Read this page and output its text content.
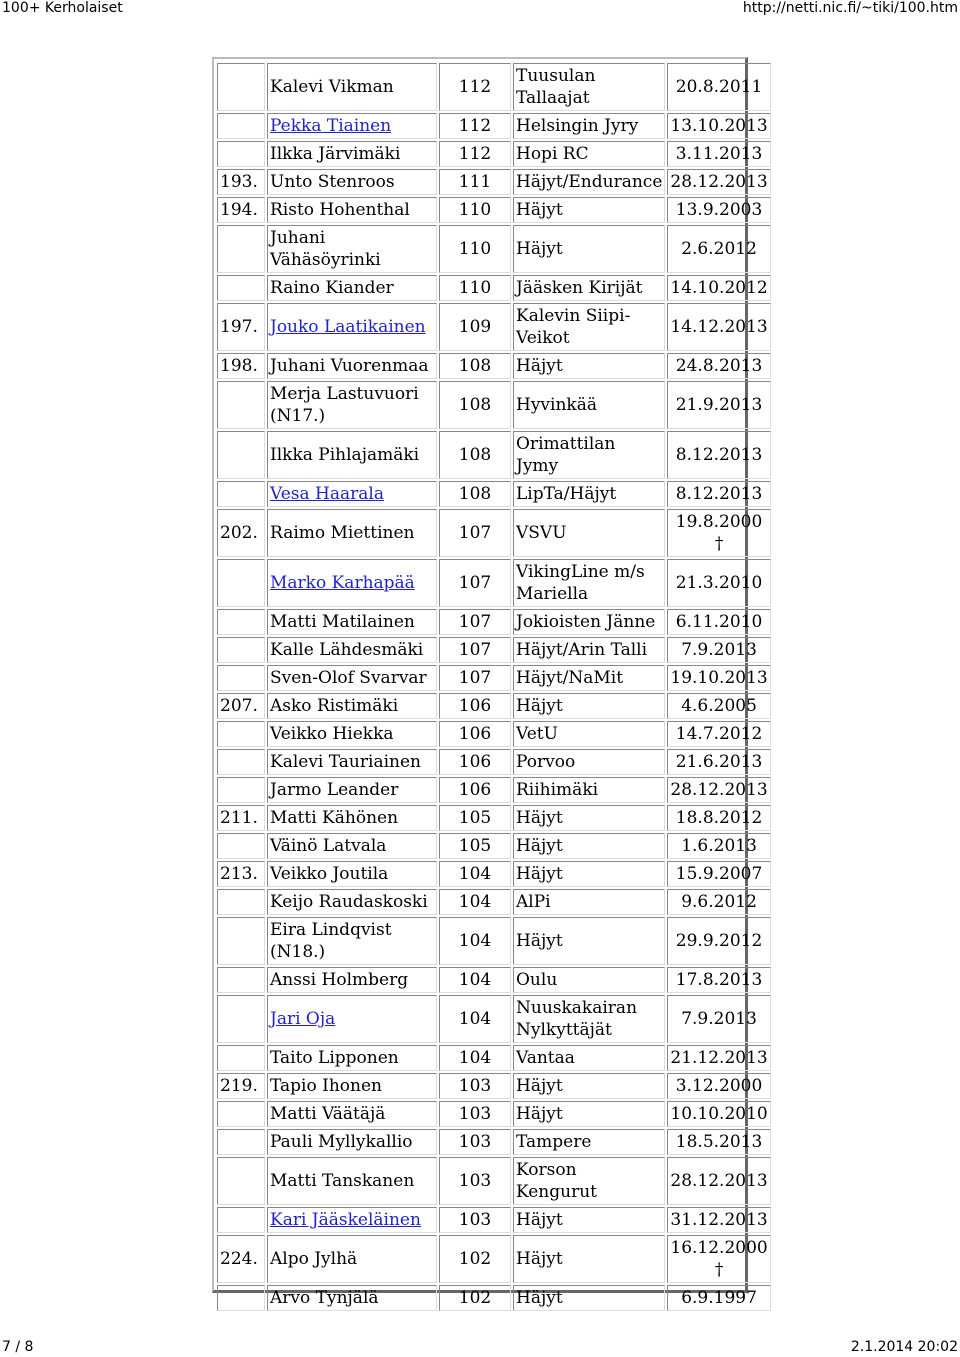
100+ Kerholaiset	http://netti.nic.fi/~tiki/100.htm
	Kalevi Vikman	112	Tuusulan Tallaajat	20.8.2011
	Pekka Tiainen	112	Helsingin Jyry	13.10.2013
	Ilkka Järvimäki	112	Hopi RC	3.11.2013
193.	Unto Stenroos	111	Häjyt/Endurance	28.12.2013
194.	Risto Hohenthal	110	Häjyt	13.9.2003
	Juhani Vähäsöyrinki	110	Häjyt	2.6.2012
	Raino Kiander	110	Jääsken Kirijät	14.10.2012
197.	Jouko Laatikainen	109	Kalevin Siipi-Veikot	14.12.2013
198.	Juhani Vuorenmaa	108	Häjyt	24.8.2013
	Merja Lastuvuori (N17.)	108	Hyvinkää	21.9.2013
	Ilkka Pihlajamäki	108	Orimattilan Jymy	8.12.2013
	Vesa Haarala	108	LipTa/Häjyt	8.12.2013
202.	Raimo Miettinen	107	VSVU	19.8.2000 †
	Marko Karhapää	107	VikingLine m/s Mariella	21.3.2010
	Matti Matilainen	107	Jokioisten Jänne	6.11.2010
	Kalle Lähdesmäki	107	Häjyt/Arin Talli	7.9.2013
	Sven-Olof Svarvar	107	Häjyt/NaMit	19.10.2013
207.	Asko Ristimäki	106	Häjyt	4.6.2005
	Veikko Hiekka	106	VetU	14.7.2012
	Kalevi Tauriainen	106	Porvoo	21.6.2013
	Jarmo Leander	106	Riihimäki	28.12.2013
211.	Matti Kähönen	105	Häjyt	18.8.2012
	Väinö Latvala	105	Häjyt	1.6.2013
213.	Veikko Joutila	104	Häjyt	15.9.2007
	Keijo Raudaskoski	104	AlPi	9.6.2012
	Eira Lindqvist (N18.)	104	Häjyt	29.9.2012
	Anssi Holmberg	104	Oulu	17.8.2013
	Jari Oja	104	Nuuskakairan Nylkyttäjät	7.9.2013
	Taito Lipponen	104	Vantaa	21.12.2013
219.	Tapio Ihonen	103	Häjyt	3.12.2000
	Matti Väätäjä	103	Häjyt	10.10.2010
	Pauli Myllykallio	103	Tampere	18.5.2013
	Matti Tanskanen	103	Korson Kengurut	28.12.2013
	Kari Jääskeläinen	103	Häjyt	31.12.2013
224.	Alpo Jylhä	102	Häjyt	16.12.2000 †
	Arvo Tynjälä	102	Häjyt	6.9.1997
7 / 8	2.1.2014 20:02
